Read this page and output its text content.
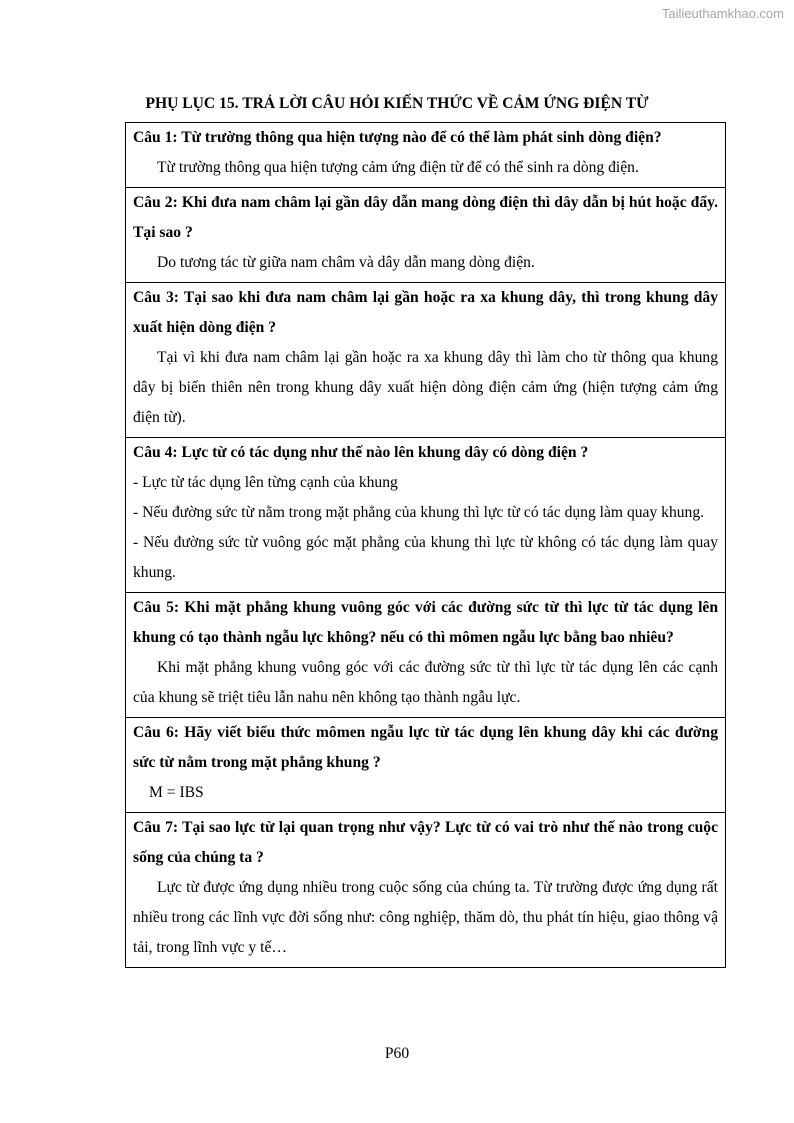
Tailieuthamkhao.com
PHỤ LỤC 15. TRẢ LỜI CÂU HỎI KIẾN THỨC VỀ CẢM ỨNG ĐIỆN TỪ

Câu 1: Từ trường thông qua hiện tượng nào để có thể làm phát sinh dòng điện?

Từ trường thông qua hiện tượng cảm ứng điện từ để có thể sinh ra dòng điện.

Câu 2: Khi đưa nam châm lại gần dây dẫn mang dòng điện thì dây dẫn bị hút hoặc đẩy. Tại sao ?

Do tương tác từ giữa nam châm và dây dẫn mang dòng điện.

Câu 3: Tại sao khi đưa nam châm lại gần hoặc ra xa khung dây, thì trong khung dây xuất hiện dòng điện ?

Tại vì khi đưa nam châm lại gần hoặc ra xa khung dây thì làm cho từ thông qua khung dây bị biến thiên nên trong khung dây xuất hiện dòng điện cảm ứng (hiện tượng cảm ứng điện từ).

Câu 4: Lực từ có tác dụng như thế nào lên khung dây có dòng điện ?

- Lực từ tác dụng lên từng cạnh của khung

- Nếu đường sức từ nằm trong mặt phẳng của khung thì lực từ có tác dụng làm quay khung.

- Nếu đường sức từ vuông góc mặt phẳng của khung thì lực từ không có tác dụng làm quay khung.

Câu 5: Khi mặt phẳng khung vuông góc với các đường sức từ thì lực từ tác dụng lên khung có tạo thành ngẫu lực không? nếu có thì mômen ngẫu lực bằng bao nhiêu?

Khi mặt phẳng khung vuông góc với các đường sức từ thì lực từ tác dụng lên các cạnh của khung sẽ triệt tiêu lẫn nahu nên không tạo thành ngẫu lực.

Câu 6: Hãy viết biểu thức mômen ngẫu lực từ tác dụng lên khung dây khi các đường sức từ nằm trong mặt phẳng khung ?

M = IBS

Câu 7: Tại sao lực từ lại quan trọng như vậy? Lực từ có vai trò như thế nào trong cuộc sống của chúng ta ?

Lực từ được ứng dụng nhiều trong cuộc sống của chúng ta. Từ trường được ứng dụng rất nhiều trong các lĩnh vực đời sống như: công nghiệp, thăm dò, thu phát tín hiệu, giao thông vậ tải, trong lĩnh vực y tế…

P60
